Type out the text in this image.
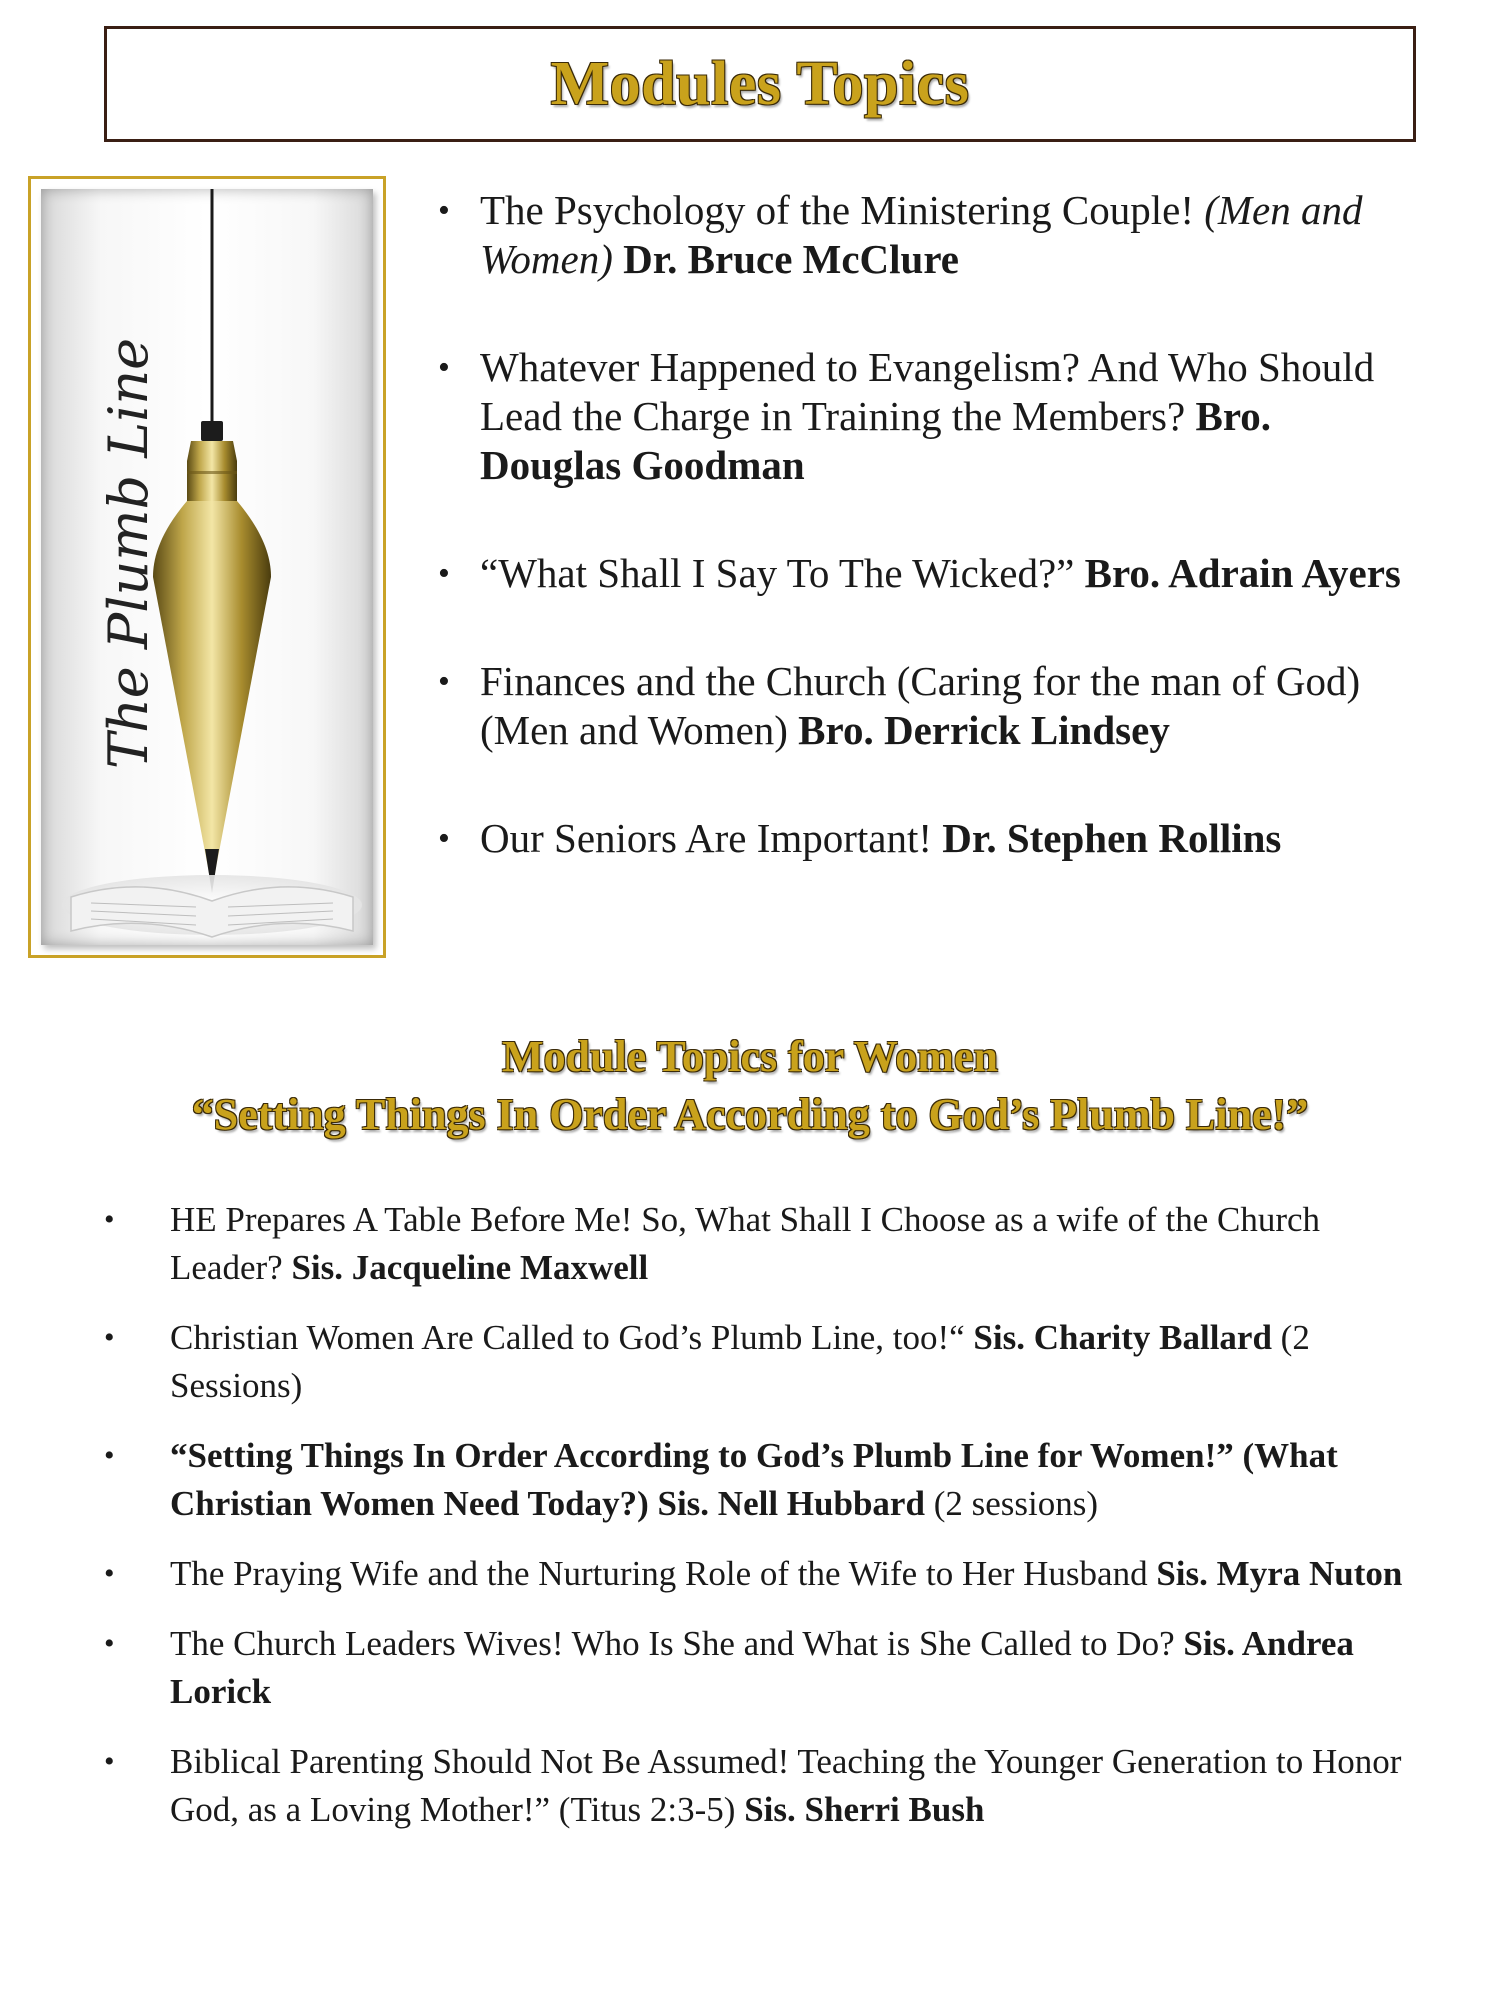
Modules Topics
The Plumb Line
• The Psychology of the Ministering Couple! (Men and Women) Dr. Bruce McClure
• Whatever Happened to Evangelism? And Who Should Lead the Charge in Training the Members? Bro. Douglas Goodman
• “What Shall I Say To The Wicked?” Bro. Adrain Ayers
• Finances and the Church (Caring for the man of God) (Men and Women) Bro. Derrick Lindsey
• Our Seniors Are Important! Dr. Stephen Rollins
Module Topics for Women
“Setting Things In Order According to God’s Plumb Line!”
• HE Prepares A Table Before Me! So, What Shall I Choose as a wife of the Church Leader? Sis. Jacqueline Maxwell
• Christian Women Are Called to God’s Plumb Line, too!“ Sis. Charity Ballard (2 Sessions)
• “Setting Things In Order According to God’s Plumb Line for Women!” (What Christian Women Need Today?) Sis. Nell Hubbard (2 sessions)
• The Praying Wife and the Nurturing Role of the Wife to Her Husband Sis. Myra Nuton
• The Church Leaders Wives! Who Is She and What is She Called to Do? Sis. Andrea Lorick
• Biblical Parenting Should Not Be Assumed! Teaching the Younger Generation to Honor God, as a Loving Mother!” (Titus 2:3-5) Sis. Sherri Bush
